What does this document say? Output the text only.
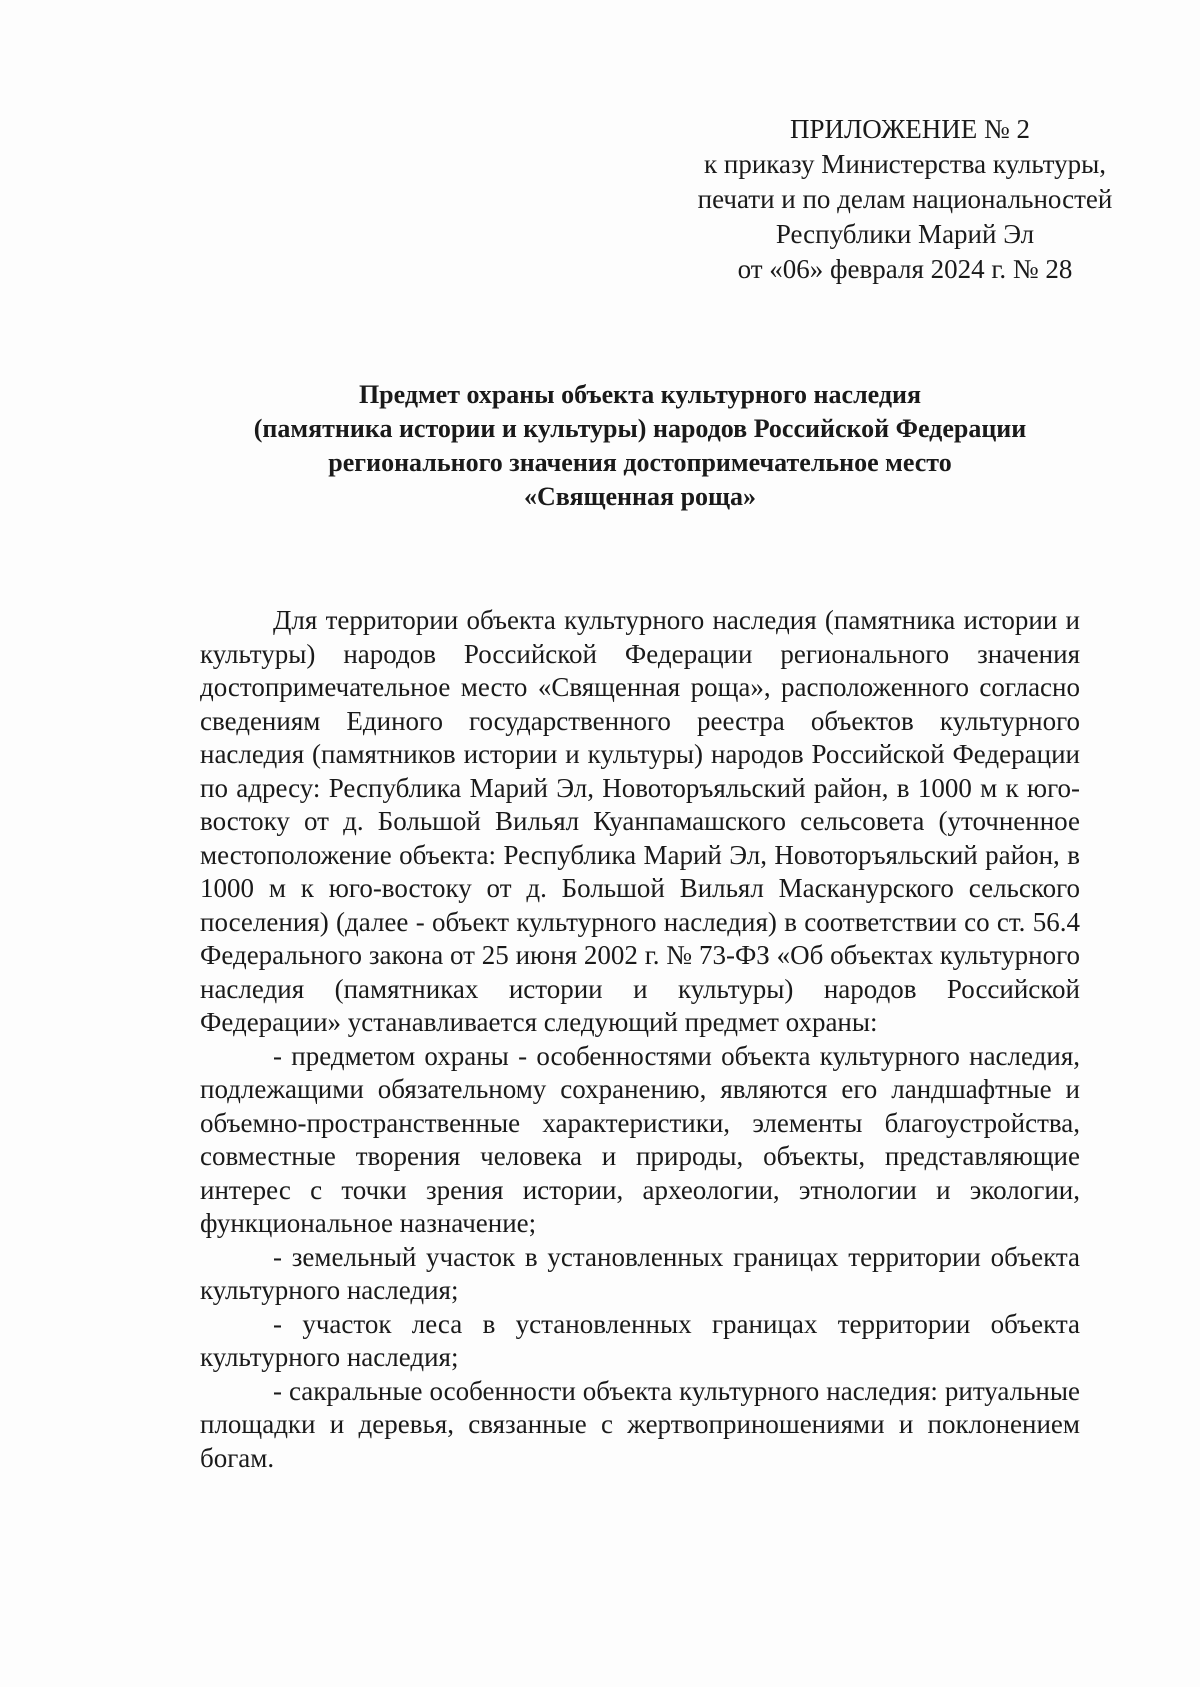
ПРИЛОЖЕНИЕ № 2
к приказу Министерства культуры,
печати и по делам национальностей
Республики Марий Эл
от «06» февраля 2024 г. № 28
Предмет охраны объекта культурного наследия
(памятника истории и культуры) народов Российской Федерации
регионального значения достопримечательное место
«Священная роща»

Для территории объекта культурного наследия (памятника истории и культуры) народов Российской Федерации регионального значения достопримечательное место «Священная роща», расположенного согласно сведениям Единого государственного реестра объектов культурного наследия (памятников истории и культуры) народов Российской Федерации по адресу: Республика Марий Эл, Новоторъяльский район, в 1000 м к юго-востоку от д. Большой Вильял Куанпамашского сельсовета (уточненное местоположение объекта: Республика Марий Эл, Новоторъяльский район, в 1000 м к юго-востоку от д. Большой Вильял Масканурского сельского поселения) (далее - объект культурного наследия) в соответствии со ст. 56.4 Федерального закона от 25 июня 2002 г. № 73-ФЗ «Об объектах культурного наследия (памятниках истории и культуры) народов Российской Федерации» устанавливается следующий предмет охраны:

- предметом охраны - особенностями объекта культурного наследия, подлежащими обязательному сохранению, являются его ландшафтные и объемно-пространственные характеристики, элементы благоустройства, совместные творения человека и природы, объекты, представляющие интерес с точки зрения истории, археологии, этнологии и экологии, функциональное назначение;

- земельный участок в установленных границах территории объекта культурного наследия;

- участок леса в установленных границах территории объекта культурного наследия;

- сакральные особенности объекта культурного наследия: ритуальные площадки и деревья, связанные с жертвоприношениями и поклонением богам.
